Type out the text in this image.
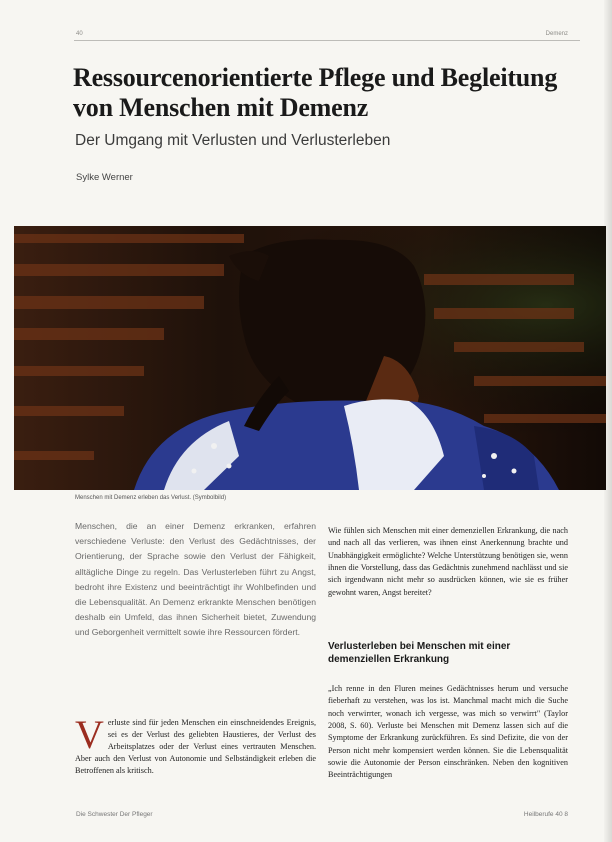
40	Demenz
Ressourcenorientierte Pflege und Begleitung von Menschen mit Demenz
Der Umgang mit Verlusten und Verlusterleben
Sylke Werner
Menschen mit Demenz erleben das Verlust. (Symbolbild)

Menschen, die an einer Demenz erkranken, erfahren verschiedene Verluste: den Verlust des Gedächtnisses, der Orientierung, der Sprache sowie den Verlust der Fähigkeit, alltägliche Dinge zu regeln. Das Verlusterleben führt zu Angst, bedroht ihre Existenz und beeinträchtigt ihr Wohlbefinden und die Lebensqualität. An Demenz erkrankte Menschen benötigen deshalb ein Umfeld, das ihnen Sicherheit bietet, Zuwendung und Geborgenheit vermittelt sowie ihre Ressourcen fördert.

V erluste sind für jeden Menschen ein einschneidendes Ereignis, sei es der Verlust des geliebten Haustieres, der Verlust des Arbeitsplatzes oder der Verlust eines vertrauten Menschen. Aber auch den Verlust von Autonomie und Selbständigkeit erleben die Betroffenen als kritisch.

Wie fühlen sich Menschen mit einer demenziellen Erkrankung, die nach und nach all das verlieren, was ihnen einst Anerkennung brachte und Unabhängigkeit ermöglichte? Welche Unterstützung benötigen sie, wenn ihnen die Vorstellung, dass das Gedächtnis zunehmend nachlässt und sie sich irgendwann nicht mehr so ausdrücken können, wie sie es früher gewohnt waren, Angst bereitet?

Verlusterleben bei Menschen mit einer demenziellen Erkrankung

„Ich renne in den Fluren meines Gedächtnisses herum und versuche fieberhaft zu verstehen, was los ist. Manchmal macht mich die Suche noch verwirrter, wonach ich vergesse, was mich so verwirrt" (Taylor 2008, S. 60). Verluste bei Menschen mit Demenz lassen sich auf die Symptome der Erkrankung zurückführen. Es sind Defizite, die von der Person nicht mehr kompensiert werden können. Sie die Lebensqualität sowie die Autonomie der Person einschränken. Neben den kognitiven Beeinträchtigungen

Die Schwester Der Pfleger	Heilberufe 40 8
